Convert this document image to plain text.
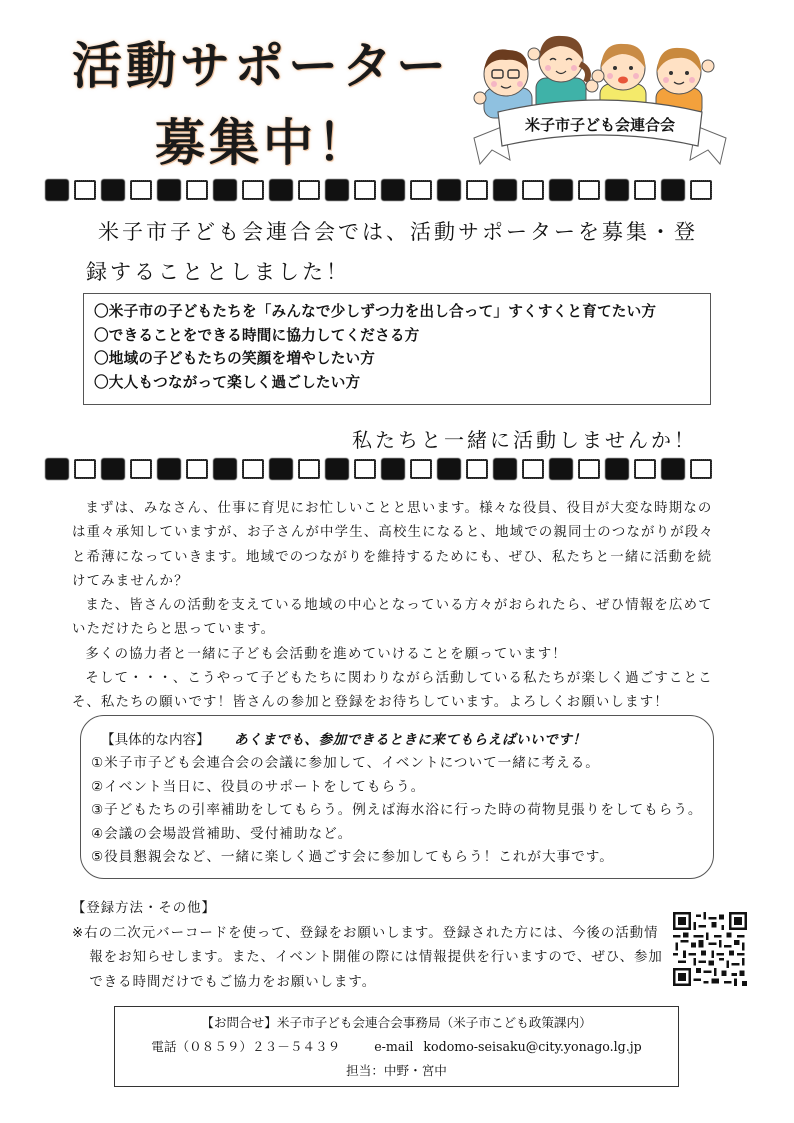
活動サポーター
募集中！	米子市子ども会連合会
米子市子ども会連合会では、活動サポーターを募集・登
録することとしました！
〇米子市の子どもたちを「みんなで少しずつ力を出し合って」すくすくと育てたい方
〇できることをできる時間に協力してくださる方
〇地域の子どもたちの笑顔を増やしたい方
〇大人もつながって楽しく過ごしたい方
私たちと一緒に活動しませんか！

まずは、みなさん、仕事に育児にお忙しいことと思います。様々な役員、役目が大変な時期なのは重々承知していますが、お子さんが中学生、高校生になると、地域での親同士のつながりが段々と希薄になっていきます。地域でのつながりを維持するためにも、ぜひ、私たちと一緒に活動を続けてみませんか？

また、皆さんの活動を支えている地域の中心となっている方々がおられたら、ぜひ情報を広めていただけたらと思っています。

多くの協力者と一緒に子ども会活動を進めていけることを願っています！

そして・・・、こうやって子どもたちに関わりながら活動している私たちが楽しく過ごすことこそ、私たちの願いです！皆さんの参加と登録をお待ちしています。よろしくお願いします！

【具体的な内容】 あくまでも、参加できるときに来てもらえばいいです！
①米子市子ども会連合会の会議に参加して、イベントについて一緒に考える。
②イベント当日に、役員のサポートをしてもらう。
③子どもたちの引率補助をしてもらう。例えば海水浴に行った時の荷物見張りをしてもらう。
④会議の会場設営補助、受付補助など。
⑤役員懇親会など、一緒に楽しく過ごす会に参加してもらう！これが大事です。
【登録方法・その他】
※右の二次元バーコードを使って、登録をお願いします。登録された方には、今後の活動情報をお知らせします。また、イベント開催の際には情報提供を行いますので、ぜひ、参加できる時間だけでもご協力をお願いします。
【お問合せ】米子市子ども会連合会事務局（米子市こども政策課内）
電話（０８５９）２３－５４３９	e-mail kodomo-seisaku@city.yonago.lg.jp
担当：中野・宮中
